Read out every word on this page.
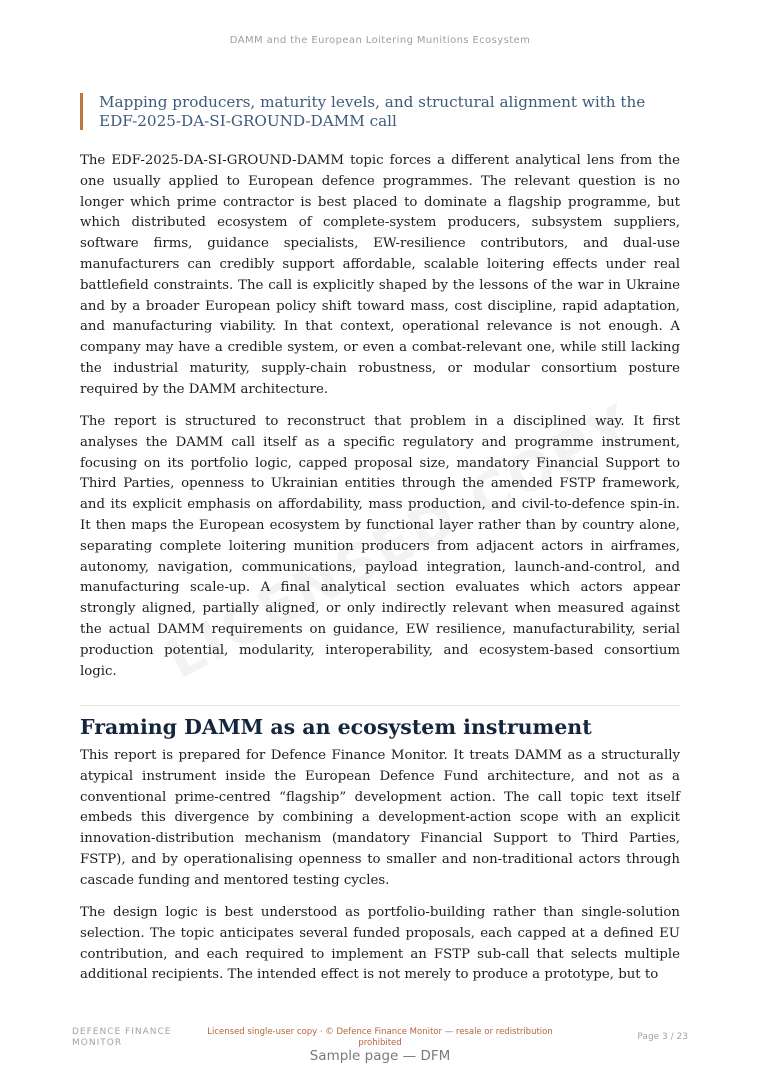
DAMM and the European Loitering Munitions Ecosystem

Mapping producers, maturity levels, and structural alignment with the EDF-2025-DA-SI-GROUND-DAMM call

The EDF-2025-DA-SI-GROUND-DAMM topic forces a different analytical lens from the one usually applied to European defence programmes. The relevant question is no longer which prime contractor is best placed to dominate a flagship programme, but which distributed ecosystem of complete-system producers, subsystem suppliers, software firms, guidance specialists, EW-resilience contributors, and dual-use manufacturers can credibly support affordable, scalable loitering effects under real battlefield constraints. The call is explicitly shaped by the lessons of the war in Ukraine and by a broader European policy shift toward mass, cost discipline, rapid adaptation, and manufacturing viability. In that context, operational relevance is not enough. A company may have a credible system, or even a combat-relevant one, while still lacking the industrial maturity, supply-chain robustness, or modular consortium posture required by the DAMM architecture.

The report is structured to reconstruct that problem in a disciplined way. It first analyses the DAMM call itself as a specific regulatory and programme instrument, focusing on its portfolio logic, capped proposal size, mandatory Financial Support to Third Parties, openness to Ukrainian entities through the amended FSTP framework, and its explicit emphasis on affordability, mass production, and civil-to-defence spin-in. It then maps the European ecosystem by functional layer rather than by country alone, separating complete loitering munition producers from adjacent actors in airframes, autonomy, navigation, communications, payload integration, launch-and-control, and manufacturing scale-up. A final analytical section evaluates which actors appear strongly aligned, partially aligned, or only indirectly relevant when measured against the actual DAMM requirements on guidance, EW resilience, manufacturability, serial production potential, modularity, interoperability, and ecosystem-based consortium logic.

Framing DAMM as an ecosystem instrument

This report is prepared for Defence Finance Monitor. It treats DAMM as a structurally atypical instrument inside the European Defence Fund architecture, and not as a conventional prime-centred “flagship” development action. The call topic text itself embeds this divergence by combining a development-action scope with an explicit innovation-distribution mechanism (mandatory Financial Support to Third Parties, FSTP), and by operationalising openness to smaller and non-traditional actors through cascade funding and mentored testing cycles.

The design logic is best understood as portfolio-building rather than single-solution selection. The topic anticipates several funded proposals, each capped at a defined EU contribution, and each required to implement an FSTP sub-call that selects multiple additional recipients. The intended effect is not merely to produce a prototype, but to

DEFENCE FINANCE
MONITOR
Licensed single-user copy · © Defence Finance Monitor — resale or redistribution
prohibited
Page 3 / 23
Sample page — DFM
